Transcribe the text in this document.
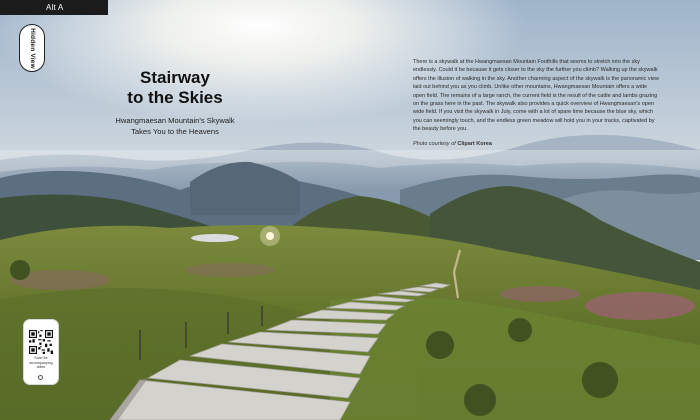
Alt A
Hidden View
Stairway
to the Skies
Hwangmaesan Mountain's Skywalk
Takes You to the Heavens

There is a skywalk at the Hwangmaesan Mountain Foothills that seems to stretch into the sky endlessly. Could it be because it gets closer to the sky the further you climb? Walking up the skywalk offers the illusion of walking in the sky. Another charming aspect of the skywalk is the panoramic view laid out behind you as you climb. Unlike other mountains, Hwangmaesan Mountain offers a wide open field. The remains of a large ranch, the current field is the result of the cattle and lambs grazing on the grass here in the past. The skywalk also provides a quick overview of Hwangmaesan's open wide field. If you visit the skywalk in July, come with a lot of spare time because the blue sky, which you can seemingly touch, and the endless green meadow will hold you in your tracks, captivated by the beauty before you.

Photo courtesy of Clipart Korea

Scan for
accompanying
video
